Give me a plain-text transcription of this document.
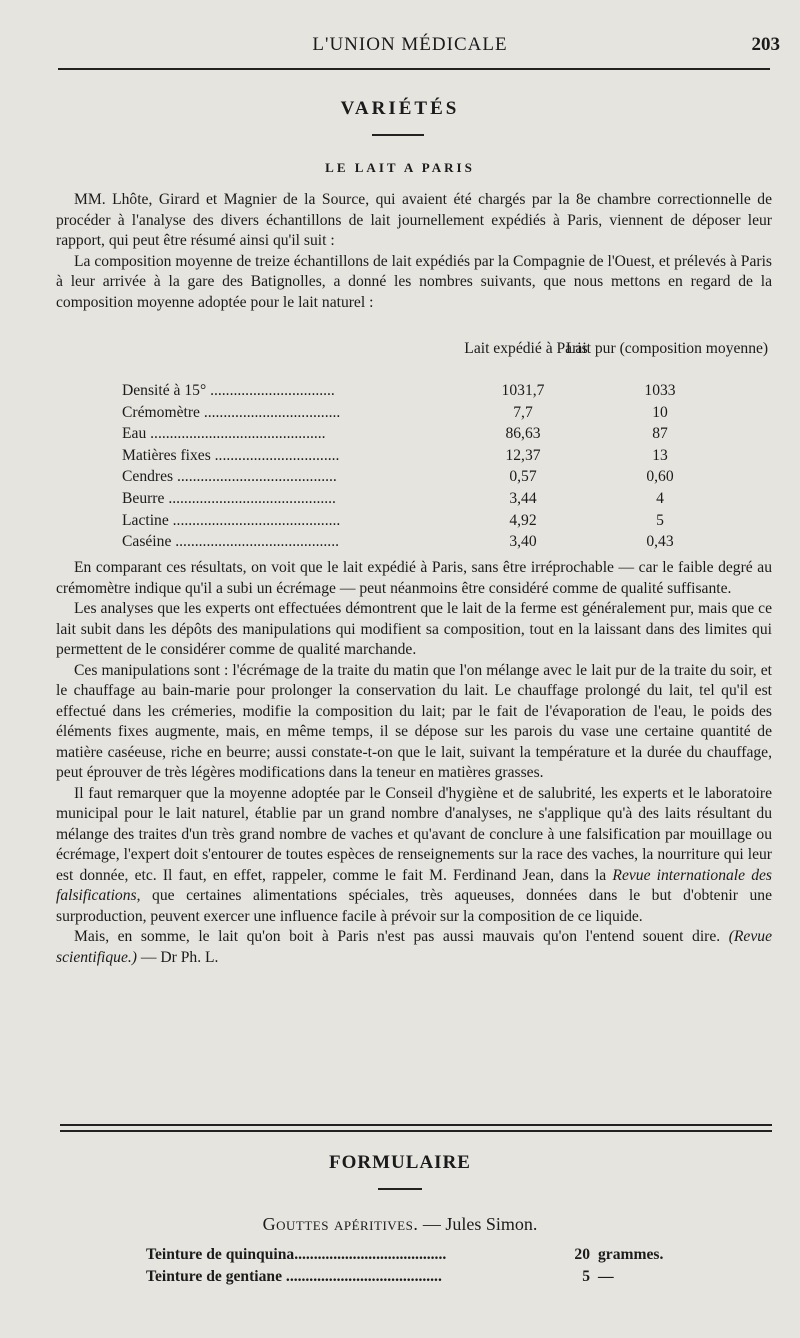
L'UNION MÉDICALE	203
VARIÉTÉS
LE LAIT A PARIS

MM. Lhôte, Girard et Magnier de la Source, qui avaient été chargés par la 8e chambre correctionnelle de procéder à l'analyse des divers échantillons de lait journellement expédiés à Paris, viennent de déposer leur rapport, qui peut être résumé ainsi qu'il suit :

La composition moyenne de treize échantillons de lait expédiés par la Compagnie de l'Ouest, et prélevés à Paris à leur arrivée à la gare des Batignolles, a donné les nombres suivants, que nous mettons en regard de la composition moyenne adoptée pour le lait naturel :

Lait expédié à Paris
Lait pur (composition moyenne)
Densité à 15° ................................	1031,7	1033
Crémomètre ...................................	7,7	10
Eau .............................................	86,63	87
Matières fixes ................................	12,37	13
Cendres .........................................	0,57	0,60
Beurre ...........................................	3,44	4
Lactine ...........................................	4,92	5
Caséine ..........................................	3,40	0,43

En comparant ces résultats, on voit que le lait expédié à Paris, sans être irréprochable — car le faible degré au crémomètre indique qu'il a subi un écrémage — peut néanmoins être considéré comme de qualité suffisante.

Les analyses que les experts ont effectuées démontrent que le lait de la ferme est généralement pur, mais que ce lait subit dans les dépôts des manipulations qui modifient sa composition, tout en la laissant dans des limites qui permettent de le considérer comme de qualité marchande.

Ces manipulations sont : l'écrémage de la traite du matin que l'on mélange avec le lait pur de la traite du soir, et le chauffage au bain-marie pour prolonger la conservation du lait. Le chauffage prolongé du lait, tel qu'il est effectué dans les crémeries, modifie la composition du lait; par le fait de l'évaporation de l'eau, le poids des éléments fixes augmente, mais, en même temps, il se dépose sur les parois du vase une certaine quantité de matière caséeuse, riche en beurre; aussi constate-t-on que le lait, suivant la température et la durée du chauffage, peut éprouver de très légères modifications dans la teneur en matières grasses.

Il faut remarquer que la moyenne adoptée par le Conseil d'hygiène et de salubrité, les experts et le laboratoire municipal pour le lait naturel, établie par un grand nombre d'analyses, ne s'applique qu'à des laits résultant du mélange des traites d'un très grand nombre de vaches et qu'avant de conclure à une falsification par mouillage ou écrémage, l'expert doit s'entourer de toutes espèces de renseignements sur la race des vaches, la nourriture qui leur est donnée, etc. Il faut, en effet, rappeler, comme le fait M. Ferdinand Jean, dans la Revue internationale des falsifications, que certaines alimentations spéciales, très aqueuses, données dans le but d'obtenir une surproduction, peuvent exercer une influence facile à prévoir sur la composition de ce liquide.

Mais, en somme, le lait qu'on boit à Paris n'est pas aussi mauvais qu'on l'entend souent dire. (Revue scientifique.) — Dr Ph. L.

FORMULAIRE
Gouttes apéritives. — Jules Simon.
Teinture de quinquina.......................................	20 grammes.
Teinture de gentiane ........................................	5 —
